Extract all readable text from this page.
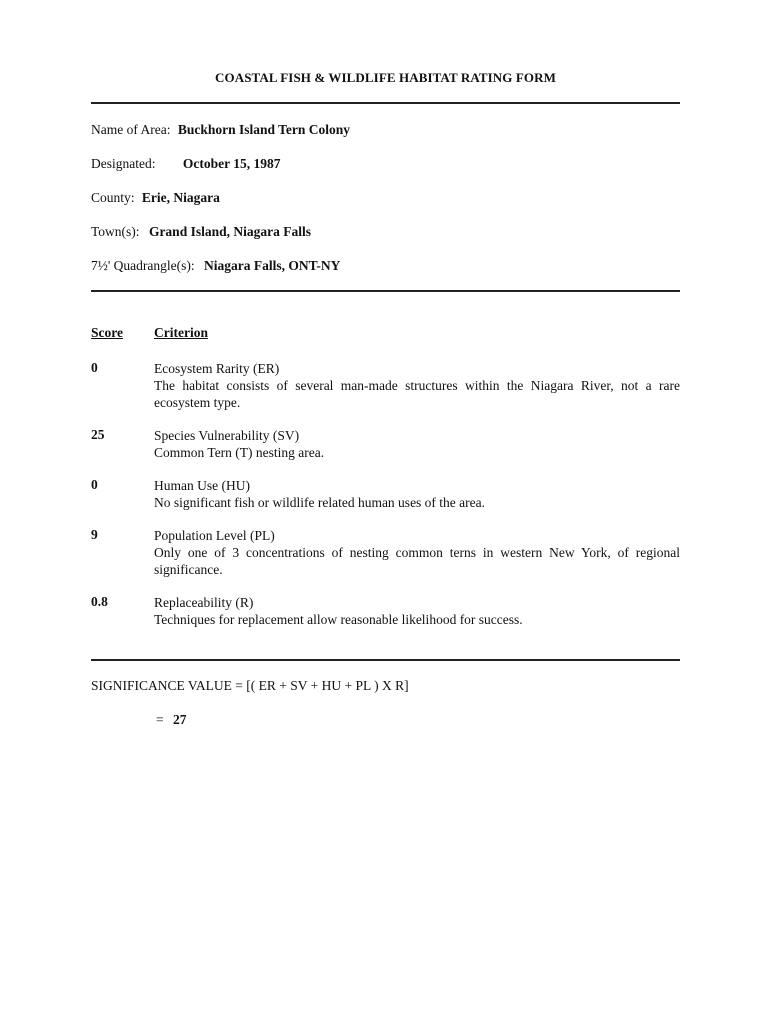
COASTAL FISH & WILDLIFE HABITAT RATING FORM
Name of Area: Buckhorn Island Tern Colony
Designated: October 15, 1987
County: Erie, Niagara
Town(s): Grand Island, Niagara Falls
7½' Quadrangle(s): Niagara Falls, ONT-NY
Score Criterion
0	Ecosystem Rarity (ER)
The habitat consists of several man-made structures within the Niagara River, not a rare ecosystem type.
25	Species Vulnerability (SV)
Common Tern (T) nesting area.
0	Human Use (HU)
No significant fish or wildlife related human uses of the area.
9	Population Level (PL)
Only one of 3 concentrations of nesting common terns in western New York, of regional significance.
0.8	Replaceability (R)
Techniques for replacement allow reasonable likelihood for success.
SIGNIFICANCE VALUE = [( ER + SV + HU + PL ) X R]
= 27
